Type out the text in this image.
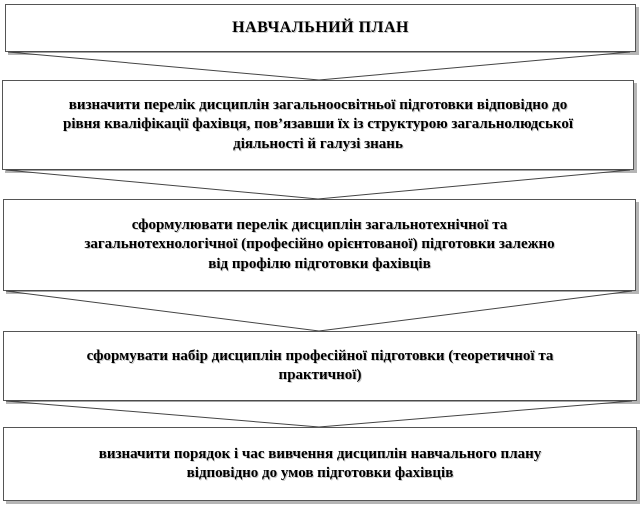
НАВЧАЛЬНИЙ ПЛАН
визначити перелік дисциплін загальноосвітньої підготовки відповідно до
рівня кваліфікації фахівця, пов’язавши їх із структурою загальнолюдської
діяльності й галузі знань
сформулювати перелік дисциплін загальнотехнічної та
загальнотехнологічної (професійно орієнтованої) підготовки залежно
від профілю підготовки фахівців
сформувати набір дисциплін професійної підготовки (теоретичної та
практичної)
визначити порядок і час вивчення дисциплін навчального плану
відповідно до умов підготовки фахівців
